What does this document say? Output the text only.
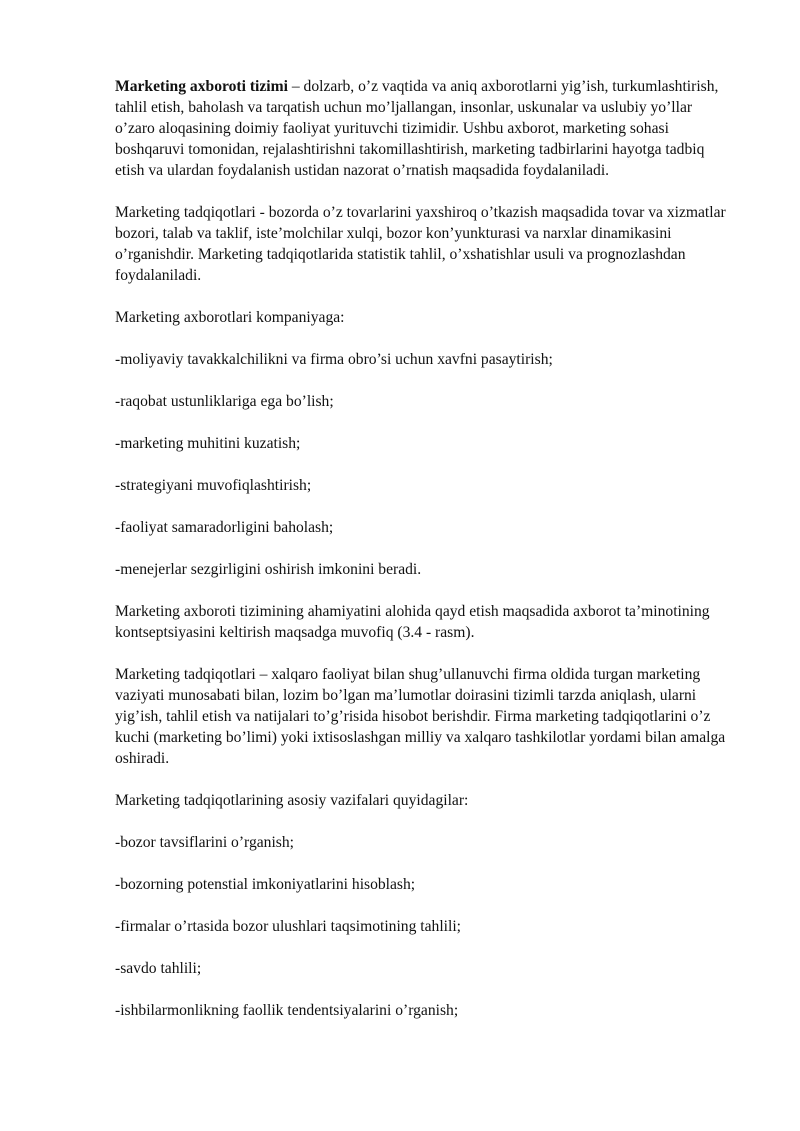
Marketing axboroti tizimi – dolzarb, o’z vaqtida va aniq axborotlarni yig’ish, turkumlashtirish, tahlil etish, baholash va tarqatish uchun mo’ljallangan, insonlar, uskunalar va uslubiy yo’llar o’zaro aloqasining doimiy faoliyat yurituvchi tizimidir. Ushbu axborot, marketing sohasi boshqaruvi tomonidan, rejalashtirishni takomillashtirish, marketing tadbirlarini hayotga tadbiq etish va ulardan foydalanish ustidan nazorat o’rnatish maqsadida foydalaniladi.

Marketing tadqiqotlari - bozorda o’z tovarlarini yaxshiroq o’tkazish maqsadida tovar va xizmatlar bozori, talab va taklif, iste’molchilar xulqi, bozor kon’yunkturasi va narxlar dinamikasini o’rganishdir. Marketing tadqiqotlarida statistik tahlil, o’xshatishlar usuli va prognozlashdan foydalaniladi.

Marketing axborotlari kompaniyaga:

-moliyaviy tavakkalchilikni va firma obro’si uchun xavfni pasaytirish;

-raqobat ustunliklariga ega bo’lish;

-marketing muhitini kuzatish;

-strategiyani muvofiqlashtirish;

-faoliyat samaradorligini baholash;

-menejerlar sezgirligini oshirish imkonini beradi.

Marketing axboroti tizimining ahamiyatini alohida qayd etish maqsadida axborot ta’minotining kontseptsiyasini keltirish maqsadga muvofiq (3.4 - rasm).

Marketing tadqiqotlari – xalqaro faoliyat bilan shug’ullanuvchi firma oldida turgan marketing vaziyati munosabati bilan, lozim bo’lgan ma’lumotlar doirasini tizimli tarzda aniqlash, ularni yig’ish, tahlil etish va natijalari to’g’risida hisobot berishdir. Firma marketing tadqiqotlarini o’z kuchi (marketing bo’limi) yoki ixtisoslashgan milliy va xalqaro tashkilotlar yordami bilan amalga oshiradi.

Marketing tadqiqotlarining asosiy vazifalari quyidagilar:

-bozor tavsiflarini o’rganish;

-bozorning potenstial imkoniyatlarini hisoblash;

-firmalar o’rtasida bozor ulushlari taqsimotining tahlili;

-savdo tahlili;

-ishbilarmonlikning faollik tendentsiyalarini o’rganish;
